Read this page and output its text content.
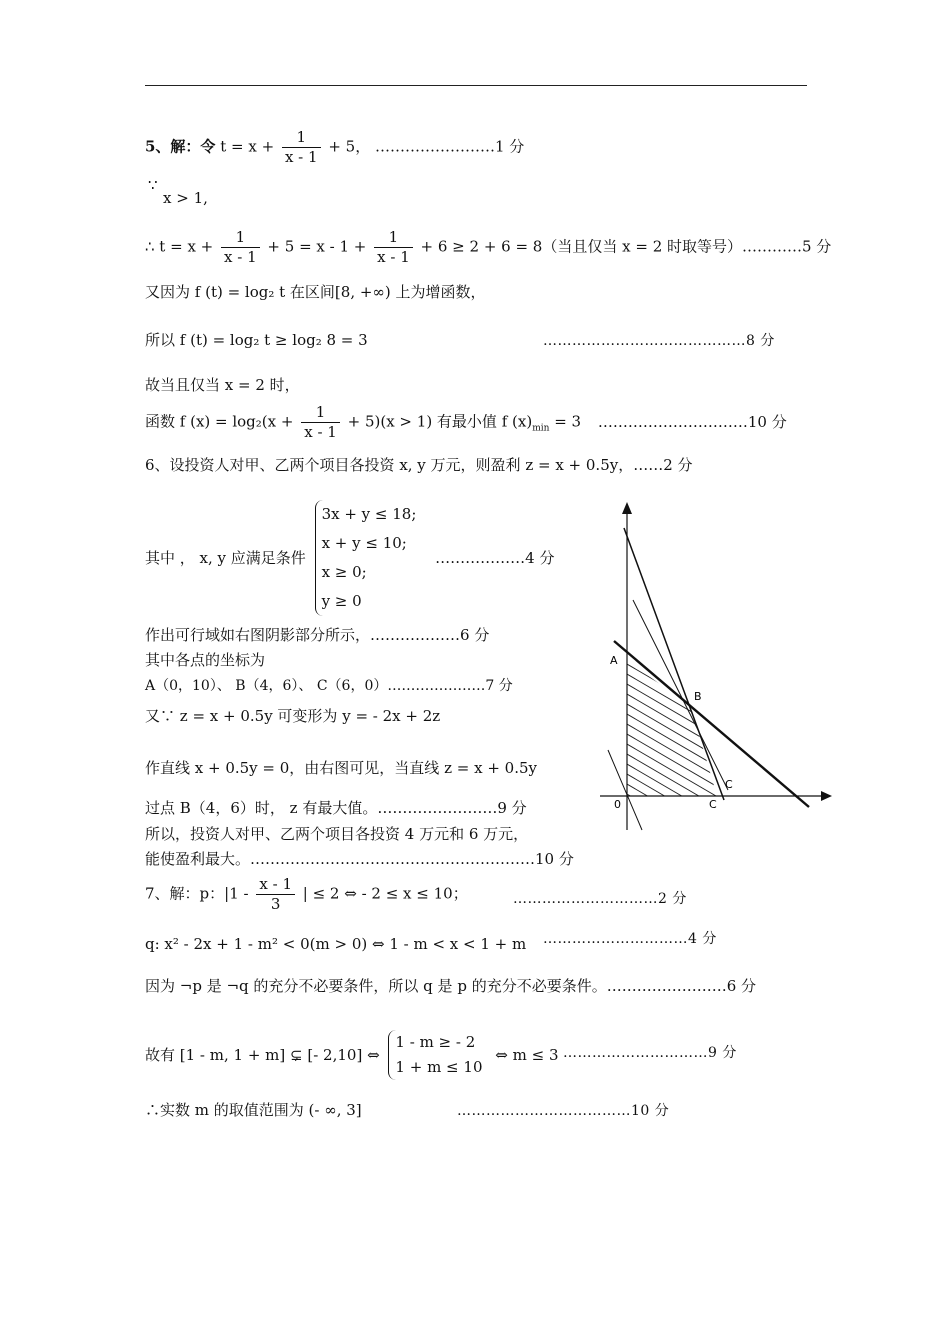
5、解：令 $t = x + \frac{1}{x - 1} + 5$， ……………………1 分
∵
x > 1,
∴ $t = x + \frac{1}{x - 1} + 5 = x - 1 + \frac{1}{x - 1} + 6 \ge 2 + 6 = 8$（当且仅当 x = 2 时取等号）…………5 分
又因为 f (t) = log₂ t 在区间[8, +∞) 上为增函数，
所以 f (t) = log₂ t ≥ log₂ 8 = 3	……………………………………8 分
故当且仅当 x = 2 时，
函数 f $(x) = \log_2(x + \frac{1}{x - 1} + 5)(x > 1)$ 有最小值 f $(x)_{min} = 3$ …………………………10 分
6、设投资人对甲、乙两个项目各投资 x, y 万元，则盈利 z = x + 0.5y，……2 分
其中 ， x, y 应满足条件
3x + y ≤ 18;
x + y ≤ 10;
x ≥ 0;
y ≥ 0
………………4 分
作出可行域如右图阴影部分所示，………………6 分
其中各点的坐标为
A（0，10）、 B（4，6）、 C（6，0）…………………7 分
又∵ z = x + 0.5y 可变形为 y = - 2x + 2z
作直线 x + 0.5y = 0，由右图可见，当直线 z = x + 0.5y
过点 B（4，6）时， z 有最大值。……………………9 分
所以，投资人对甲、乙两个项目各投资 4 万元和 6 万元，
能使盈利最大。…………………………………………………10 分
A
B
C
C
0
7、解：p：$|1 - \frac{x - 1}{3}$ | ≤ 2 ⇔ - 2 ≤ x ≤ 10；	…………………………2 分
q: x² - 2x + 1 - m² < 0(m > 0) ⇔ 1 - m < x < 1 + m …………………………4 分
因为 ¬p 是 ¬q 的充分不必要条件，所以 q 是 p 的充分不必要条件。……………………6 分
故有 [1 - m, 1 + m] ⊊ [- 2,10] ⇔
1 - m ≥ - 2
1 + m ≤ 10
⇔ m ≤ 3 …………………………9 分
∴实数 m 的取值范围为 (- ∞, 3]	………………………………10 分
